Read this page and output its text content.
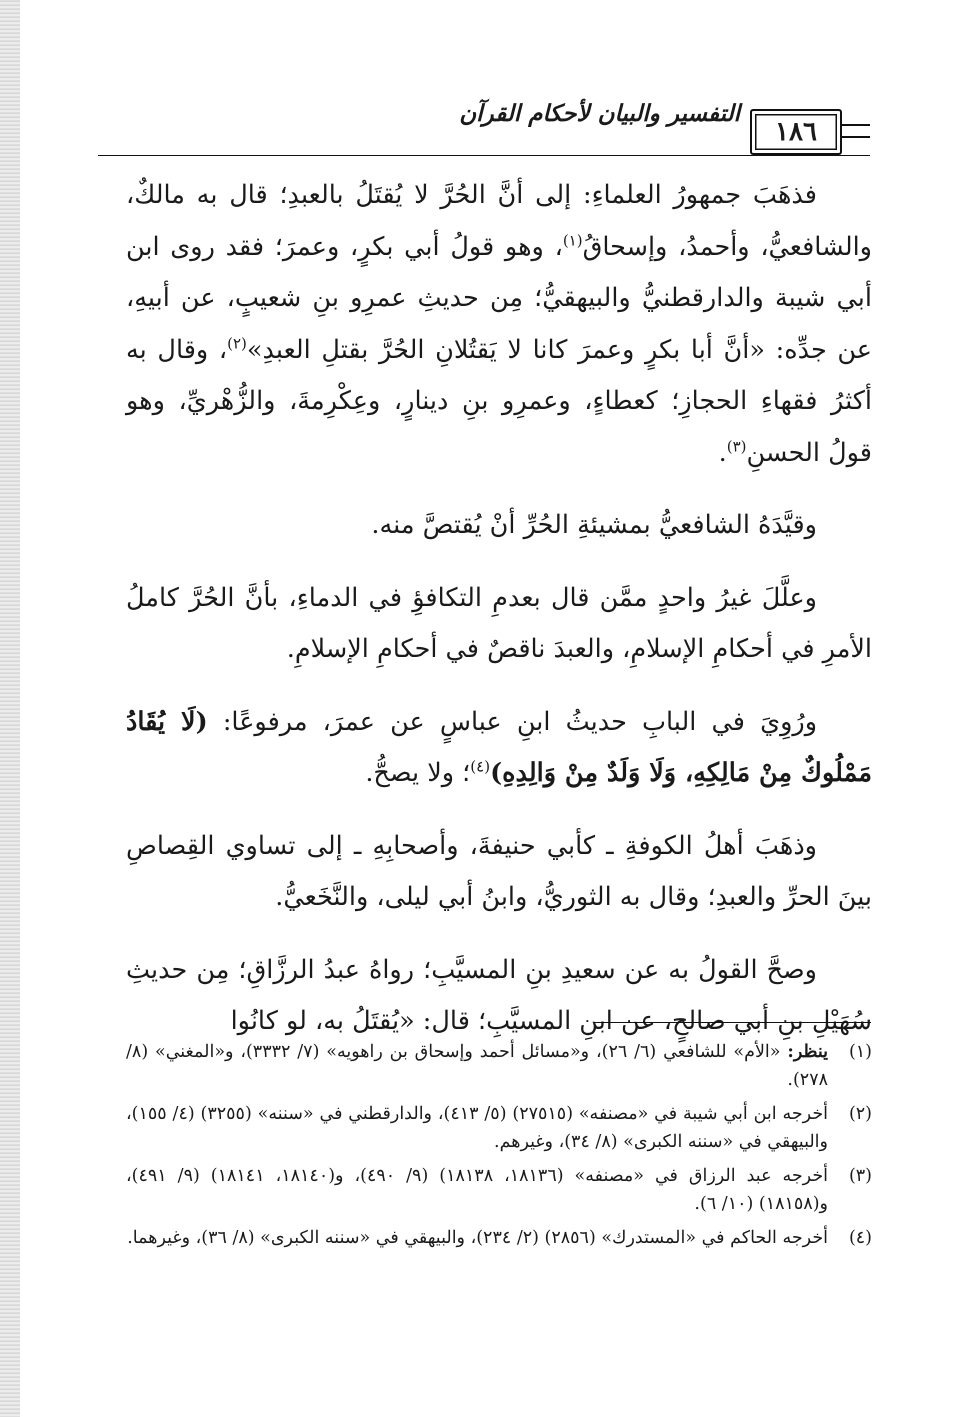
١٨٦
التفسير والبيان لأحكام القرآن

فذهَبَ جمهورُ العلماءِ: إلى أنَّ الحُرَّ لا يُقتَلُ بالعبدِ؛ قال به مالكٌ، والشافعيُّ، وأحمدُ، وإسحاقُ$^{(١)}$، وهو قولُ أبي بكرٍ، وعمرَ؛ فقد روى ابن أبي شيبة والدارقطنيُّ والبيهقيُّ؛ مِن حديثِ عمرِو بنِ شعيبٍ، عن أبيهِ، عن جدِّه: «أنَّ أبا بكرٍ وعمرَ كانا لا يَقتُلانِ الحُرَّ بقتلِ العبدِ»$^{(٢)}$، وقال به أكثرُ فقهاءِ الحجازِ؛ كعطاءٍ، وعمرِو بنِ دينارٍ، وعِكْرِمةَ، والزُّهْريِّ، وهو قولُ الحسنِ$^{(٣)}$.

وقيَّدَهُ الشافعيُّ بمشيئةِ الحُرِّ أنْ يُقتصَّ منه.

وعلَّلَ غيرُ واحدٍ ممَّن قال بعدمِ التكافؤِ في الدماءِ، بأنَّ الحُرَّ كاملُ الأمرِ في أحكامِ الإسلامِ، والعبدَ ناقصٌ في أحكامِ الإسلامِ.

ورُوِيَ في البابِ حديثُ ابنِ عباسٍ عن عمرَ، مرفوعًا: (لَا يُقَادُ مَمْلُوكٌ مِنْ مَالِكِهِ، وَلَا وَلَدٌ مِنْ وَالِدِهِ)$^{(٤)}$؛ ولا يصحُّ.

وذهَبَ أهلُ الكوفةِ ـ كأبي حنيفةَ، وأصحابِهِ ـ إلى تساوي القِصاصِ بينَ الحرِّ والعبدِ؛ وقال به الثوريُّ، وابنُ أبي ليلى، والنَّخَعيُّ.

وصحَّ القولُ به عن سعيدِ بنِ المسيَّبِ؛ رواهُ عبدُ الرزَّاقِ؛ مِن حديثِ سُهَيْلِ بنِ أبي صالحٍ، عن ابنِ المسيَّبِ؛ قال: «يُقتَلُ به، لو كانُوا

(١)
ينظر: «الأم» للشافعي (٦/ ٢٦)، و«مسائل أحمد وإسحاق بن راهويه» (٧/ ٣٣٣٢)، و«المغني» (٨/ ٢٧٨).
(٢)
أخرجه ابن أبي شيبة في «مصنفه» (٢٧٥١٥) (٥/ ٤١٣)، والدارقطني في «سننه» (٣٢٥٥) (٤/ ١٥٥)، والبيهقي في «سننه الكبرى» (٨/ ٣٤)، وغيرهم.
(٣)
أخرجه عبد الرزاق في «مصنفه» (١٨١٣٦، ١٨١٣٨) (٩/ ٤٩٠)، و(١٨١٤٠، ١٨١٤١) (٩/ ٤٩١)، و(١٨١٥٨) (١٠/ ٦).
(٤)
أخرجه الحاكم في «المستدرك» (٢٨٥٦) (٢/ ٢٣٤)، والبيهقي في «سننه الكبرى» (٨/ ٣٦)، وغيرهما.
